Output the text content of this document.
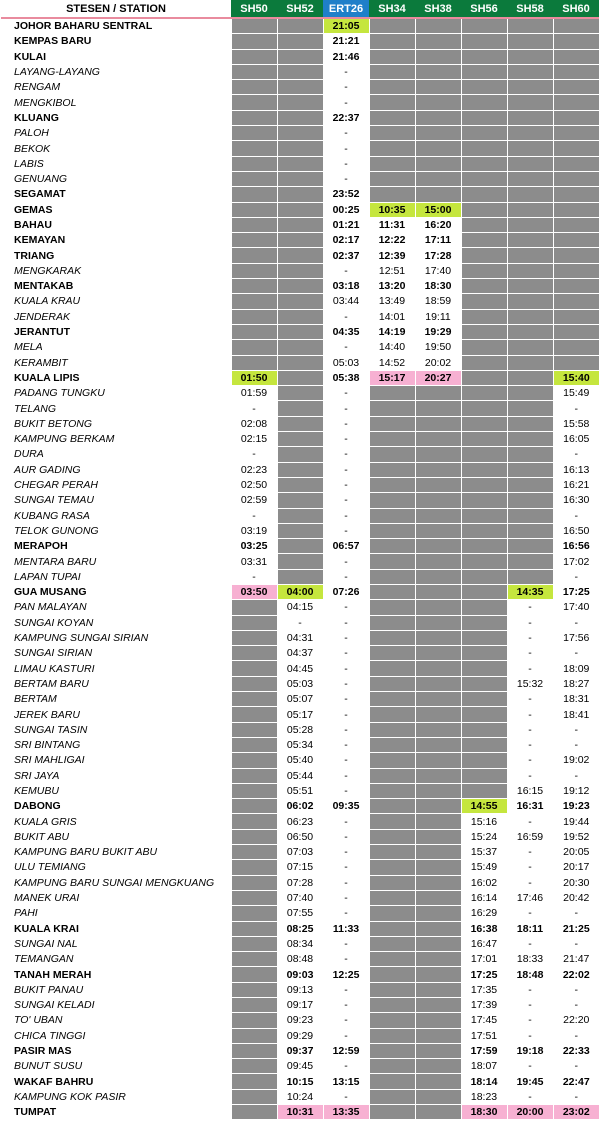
STESEN / STATION	SH50	SH52	ERT26	SH34	SH38	SH56	SH58	SH60
JOHOR BAHARU SENTRAL			21:05					
KEMPAS BARU			21:21					
KULAI			21:46					
LAYANG-LAYANG			-					
RENGAM			-					
MENGKIBOL			-					
KLUANG			22:37					
PALOH			-					
BEKOK			-					
LABIS			-					
GENUANG			-					
SEGAMAT			23:52					
GEMAS			00:25	10:35	15:00			
BAHAU			01:21	11:31	16:20			
KEMAYAN			02:17	12:22	17:11			
TRIANG			02:37	12:39	17:28			
MENGKARAK			-	12:51	17:40			
MENTAKAB			03:18	13:20	18:30			
KUALA KRAU			03:44	13:49	18:59			
JENDERAK			-	14:01	19:11			
JERANTUT			04:35	14:19	19:29			
MELA			-	14:40	19:50			
KERAMBIT			05:03	14:52	20:02			
KUALA LIPIS	01:50		05:38	15:17	20:27			15:40
PADANG TUNGKU	01:59		-					15:49
TELANG	-		-					-
BUKIT BETONG	02:08		-					15:58
KAMPUNG BERKAM	02:15		-					16:05
DURA	-		-					-
AUR GADING	02:23		-					16:13
CHEGAR PERAH	02:50		-					16:21
SUNGAI TEMAU	02:59		-					16:30
KUBANG RASA	-		-					-
TELOK GUNONG	03:19		-					16:50
MERAPOH	03:25		06:57					16:56
MENTARA BARU	03:31		-					17:02
LAPAN TUPAI	-		-					-
GUA MUSANG	03:50	04:00	07:26				14:35	17:25
PAN MALAYAN		04:15	-				-	17:40
SUNGAI KOYAN		-	-				-	-
KAMPUNG SUNGAI SIRIAN		04:31	-				-	17:56
SUNGAI SIRIAN		04:37	-				-	-
LIMAU KASTURI		04:45	-				-	18:09
BERTAM BARU		05:03	-				15:32	18:27
BERTAM		05:07	-				-	18:31
JEREK BARU		05:17	-				-	18:41
SUNGAI TASIN		05:28	-				-	-
SRI BINTANG		05:34	-				-	-
SRI MAHLIGAI		05:40	-				-	19:02
SRI JAYA		05:44	-				-	-
KEMUBU		05:51	-				16:15	19:12
DABONG		06:02	09:35			14:55	16:31	19:23
KUALA GRIS		06:23	-			15:16	-	19:44
BUKIT ABU		06:50	-			15:24	16:59	19:52
KAMPUNG BARU BUKIT ABU		07:03	-			15:37	-	20:05
ULU TEMIANG		07:15	-			15:49	-	20:17
KAMPUNG BARU SUNGAI MENGKUANG		07:28	-			16:02	-	20:30
MANEK URAI		07:40	-			16:14	17:46	20:42
PAHI		07:55	-			16:29	-	-
KUALA KRAI		08:25	11:33			16:38	18:11	21:25
SUNGAI NAL		08:34	-			16:47	-	-
TEMANGAN		08:48	-			17:01	18:33	21:47
TANAH MERAH		09:03	12:25			17:25	18:48	22:02
BUKIT PANAU		09:13	-			17:35	-	-
SUNGAI KELADI		09:17	-			17:39	-	-
TO' UBAN		09:23	-			17:45	-	22:20
CHICA TINGGI		09:29	-			17:51	-	-
PASIR MAS		09:37	12:59			17:59	19:18	22:33
BUNUT SUSU		09:45	-			18:07	-	-
WAKAF BAHRU		10:15	13:15			18:14	19:45	22:47
KAMPUNG KOK PASIR		10:24	-			18:23	-	-
TUMPAT		10:31	13:35			18:30	20:00	23:02
